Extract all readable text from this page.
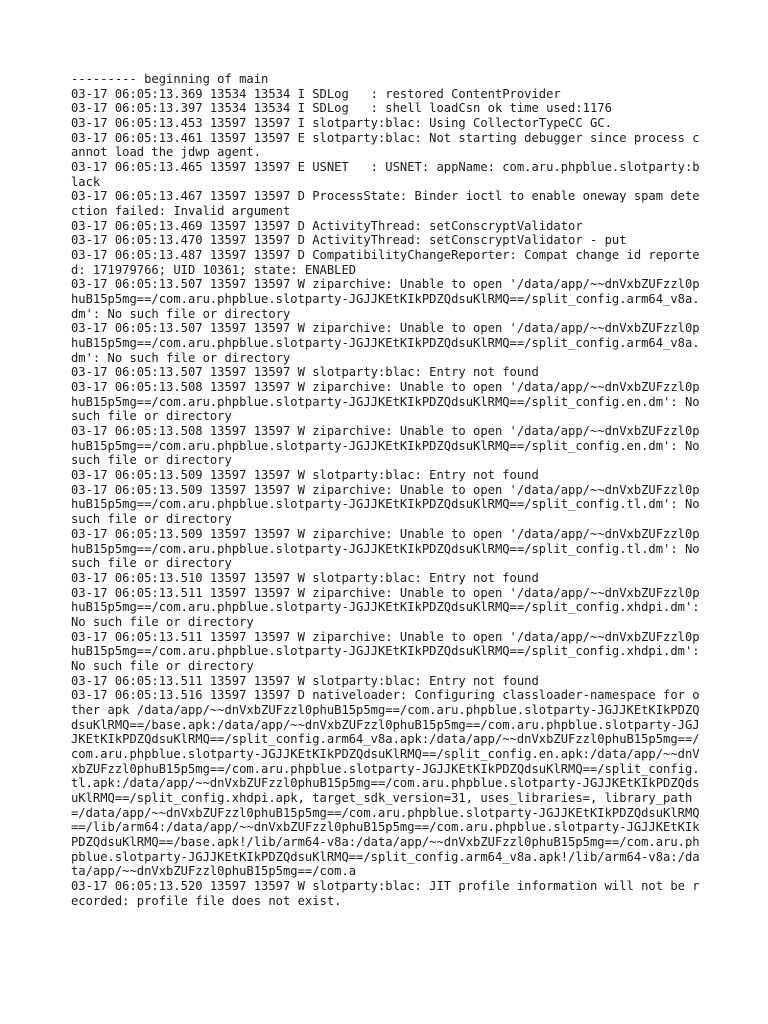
--------- beginning of main

03-17 06:05:13.369 13534 13534 I SDLog   : restored ContentProvider

03-17 06:05:13.397 13534 13534 I SDLog   : shell loadCsn ok time used:1176

03-17 06:05:13.453 13597 13597 I slotparty:blac: Using CollectorTypeCC GC.

03-17 06:05:13.461 13597 13597 E slotparty:blac: Not starting debugger since process cannot load the jdwp agent.

03-17 06:05:13.465 13597 13597 E USNET   : USNET: appName: com.aru.phpblue.slotparty:black

03-17 06:05:13.467 13597 13597 D ProcessState: Binder ioctl to enable oneway spam detection failed: Invalid argument

03-17 06:05:13.469 13597 13597 D ActivityThread: setConscryptValidator

03-17 06:05:13.470 13597 13597 D ActivityThread: setConscryptValidator - put

03-17 06:05:13.487 13597 13597 D CompatibilityChangeReporter: Compat change id reported: 171979766; UID 10361; state: ENABLED

03-17 06:05:13.507 13597 13597 W ziparchive: Unable to open '/data/app/~~dnVxbZUFzzl0phuB15p5mg==/com.aru.phpblue.slotparty-JGJJKEtKIkPDZQdsuKlRMQ==/split_config.arm64_v8a.dm': No such file or directory

03-17 06:05:13.507 13597 13597 W ziparchive: Unable to open '/data/app/~~dnVxbZUFzzl0phuB15p5mg==/com.aru.phpblue.slotparty-JGJJKEtKIkPDZQdsuKlRMQ==/split_config.arm64_v8a.dm': No such file or directory

03-17 06:05:13.507 13597 13597 W slotparty:blac: Entry not found

03-17 06:05:13.508 13597 13597 W ziparchive: Unable to open '/data/app/~~dnVxbZUFzzl0phuB15p5mg==/com.aru.phpblue.slotparty-JGJJKEtKIkPDZQdsuKlRMQ==/split_config.en.dm': No such file or directory

03-17 06:05:13.508 13597 13597 W ziparchive: Unable to open '/data/app/~~dnVxbZUFzzl0phuB15p5mg==/com.aru.phpblue.slotparty-JGJJKEtKIkPDZQdsuKlRMQ==/split_config.en.dm': No such file or directory

03-17 06:05:13.509 13597 13597 W slotparty:blac: Entry not found

03-17 06:05:13.509 13597 13597 W ziparchive: Unable to open '/data/app/~~dnVxbZUFzzl0phuB15p5mg==/com.aru.phpblue.slotparty-JGJJKEtKIkPDZQdsuKlRMQ==/split_config.tl.dm': No such file or directory

03-17 06:05:13.509 13597 13597 W ziparchive: Unable to open '/data/app/~~dnVxbZUFzzl0phuB15p5mg==/com.aru.phpblue.slotparty-JGJJKEtKIkPDZQdsuKlRMQ==/split_config.tl.dm': No such file or directory

03-17 06:05:13.510 13597 13597 W slotparty:blac: Entry not found

03-17 06:05:13.511 13597 13597 W ziparchive: Unable to open '/data/app/~~dnVxbZUFzzl0phuB15p5mg==/com.aru.phpblue.slotparty-JGJJKEtKIkPDZQdsuKlRMQ==/split_config.xhdpi.dm': No such file or directory

03-17 06:05:13.511 13597 13597 W ziparchive: Unable to open '/data/app/~~dnVxbZUFzzl0phuB15p5mg==/com.aru.phpblue.slotparty-JGJJKEtKIkPDZQdsuKlRMQ==/split_config.xhdpi.dm': No such file or directory

03-17 06:05:13.511 13597 13597 W slotparty:blac: Entry not found

03-17 06:05:13.516 13597 13597 D nativeloader: Configuring classloader-namespace for other apk /data/app/~~dnVxbZUFzzl0phuB15p5mg==/com.aru.phpblue.slotparty-JGJJKEtKIkPDZQdsuKlRMQ==/base.apk:/data/app/~~dnVxbZUFzzl0phuB15p5mg==/com.aru.phpblue.slotparty-JGJJKEtKIkPDZQdsuKlRMQ==/split_config.arm64_v8a.apk:/data/app/~~dnVxbZUFzzl0phuB15p5mg==/com.aru.phpblue.slotparty-JGJJKEtKIkPDZQdsuKlRMQ==/split_config.en.apk:/data/app/~~dnVxbZUFzzl0phuB15p5mg==/com.aru.phpblue.slotparty-JGJJKEtKIkPDZQdsuKlRMQ==/split_config.tl.apk:/data/app/~~dnVxbZUFzzl0phuB15p5mg==/com.aru.phpblue.slotparty-JGJJKEtKIkPDZQdsuKlRMQ==/split_config.xhdpi.apk, target_sdk_version=31, uses_libraries=, library_path=/data/app/~~dnVxbZUFzzl0phuB15p5mg==/com.aru.phpblue.slotparty-JGJJKEtKIkPDZQdsuKlRMQ==/lib/arm64:/data/app/~~dnVxbZUFzzl0phuB15p5mg==/com.aru.phpblue.slotparty-JGJJKEtKIkPDZQdsuKlRMQ==/base.apk!/lib/arm64-v8a:/data/app/~~dnVxbZUFzzl0phuB15p5mg==/com.aru.phpblue.slotparty-JGJJKEtKIkPDZQdsuKlRMQ==/split_config.arm64_v8a.apk!/lib/arm64-v8a:/data/app/~~dnVxbZUFzzl0phuB15p5mg==/com.a

03-17 06:05:13.520 13597 13597 W slotparty:blac: JIT profile information will not be recorded: profile file does not exist.
